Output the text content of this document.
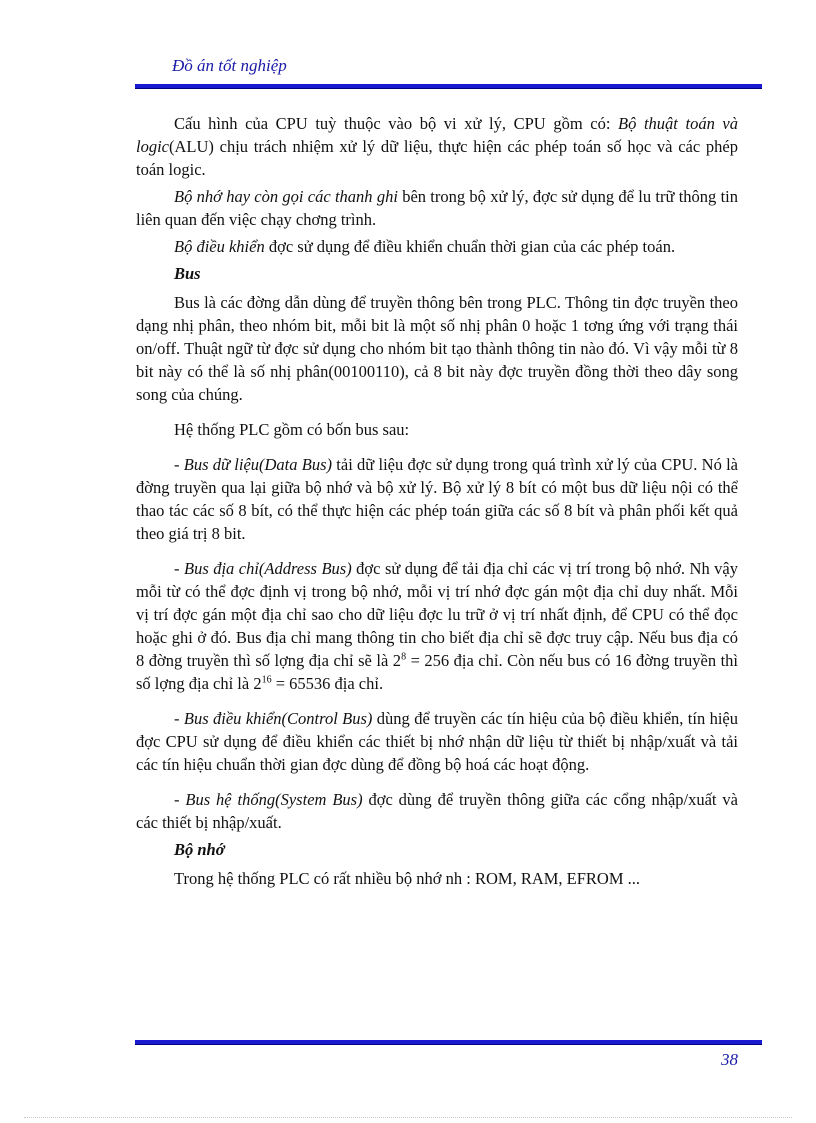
Đồ án tốt nghiệp

Cấu hình của CPU tuỳ thuộc vào bộ vi xử lý, CPU gồm có: Bộ thuật toán và logic(ALU) chịu trách nhiệm xử lý dữ liệu, thực hiện các phép toán số học và các phép toán logic.

Bộ nhớ hay còn gọi các thanh ghi bên trong bộ xử lý, đợc sử dụng để lu trữ thông tin liên quan đến việc chạy chơng trình.

Bộ điều khiển đợc sử dụng để điều khiển chuẩn thời gian của các phép toán.

Bus

Bus là các đờng dẫn dùng để truyền thông bên trong PLC. Thông tin đợc truyền theo dạng nhị phân, theo nhóm bit, mỗi bit là một số nhị phân 0 hoặc 1 tơng ứng với trạng thái on/off. Thuật ngữ từ đợc sử dụng cho nhóm bit tạo thành thông tin nào đó. Vì vậy mỗi từ 8 bit này có thể là số nhị phân(00100110), cả 8 bit này đợc truyền đồng thời theo dây song song của chúng.

Hệ thống PLC gồm có bốn bus sau:

- Bus dữ liệu(Data Bus) tải dữ liệu đợc sử dụng trong quá trình xử lý của CPU. Nó là đờng truyền qua lại giữa bộ nhớ và bộ xử lý. Bộ xử lý 8 bít có một bus dữ liệu nội có thể thao tác các số 8 bít, có thể thực hiện các phép toán giữa các số 8 bít và phân phối kết quả theo giá trị 8 bit.

- Bus địa chỉ(Address Bus) đợc sử dụng để tải địa chỉ các vị trí trong bộ nhớ. Nh vậy mỗi từ có thể đợc định vị trong bộ nhớ, mỗi vị trí nhớ đợc gán một địa chỉ duy nhất. Mỗi vị trí đợc gán một địa chỉ sao cho dữ liệu đợc lu trữ ở vị trí nhất định, để CPU có thể đọc hoặc ghi ở đó. Bus địa chỉ mang thông tin cho biết địa chỉ sẽ đợc truy cập. Nếu bus địa có 8 đờng truyền thì số lợng địa chỉ sẽ là $2^8 = 256$ địa chỉ. Còn nếu bus có 16 đờng truyền thì số lợng địa chỉ là $2^{16} = 65536$ địa chỉ.

- Bus điều khiển(Control Bus) dùng để truyền các tín hiệu của bộ điều khiển, tín hiệu đợc CPU sử dụng để điều khiển các thiết bị nhớ nhận dữ liệu từ thiết bị nhập/xuất và tải các tín hiệu chuẩn thời gian đợc dùng để đồng bộ hoá các hoạt động.

- Bus hệ thống(System Bus) đợc dùng để truyền thông giữa các cổng nhập/xuất và các thiết bị nhập/xuất.

Bộ nhớ

Trong hệ thống PLC có rất nhiều bộ nhớ nh : ROM, RAM, EFROM ...

38
